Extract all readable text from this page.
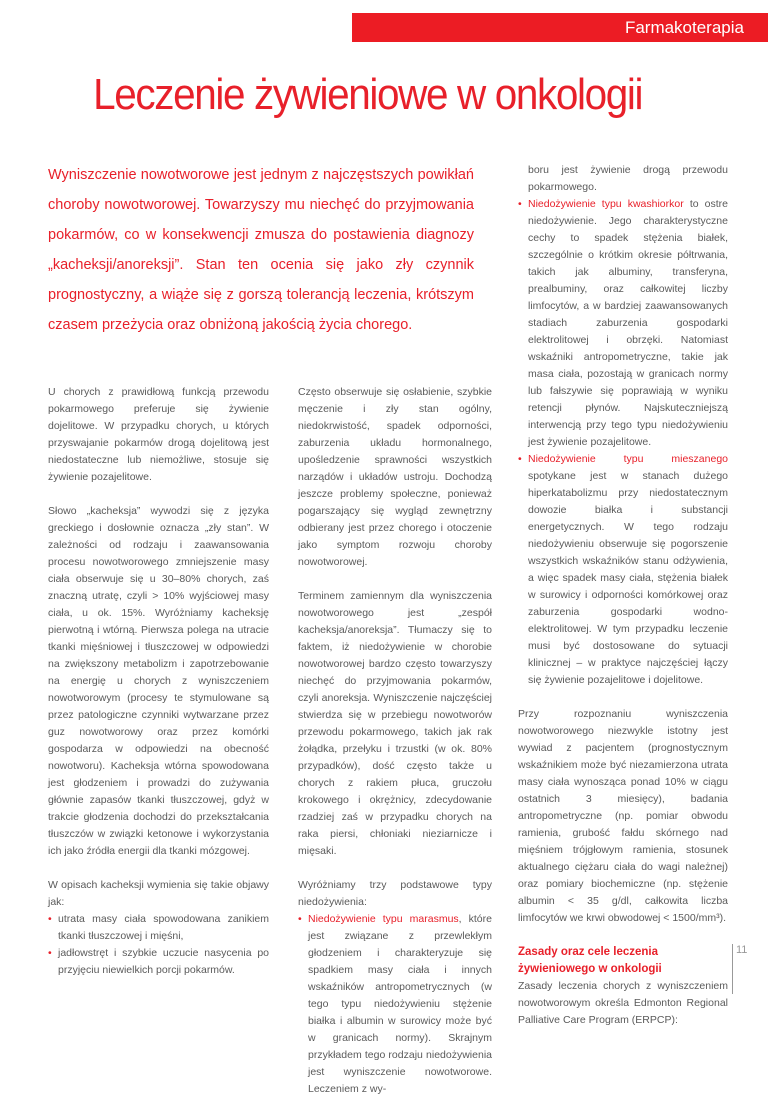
Farmakoterapia
Leczenie żywieniowe w onkologii

Wyniszczenie nowotworowe jest jednym z najczęstszych powikłań choroby nowotworowej. Towarzyszy mu niechęć do przyjmowania pokarmów, co w konsekwencji zmusza do postawienia diagnozy „kacheksji/anoreksji”. Stan ten ocenia się jako zły czynnik prognostyczny, a wiąże się z gorszą tolerancją leczenia, krótszym czasem przeżycia oraz obniżoną jakością życia chorego.

U chorych z prawidłową funkcją przewodu pokarmowego preferuje się żywienie dojelitowe. W przypadku chorych, u których przyswajanie pokarmów drogą dojelitową jest niedostateczne lub niemożliwe, stosuje się żywienie pozajelitowe.

Słowo „kacheksja” wywodzi się z języka greckiego i dosłownie oznacza „zły stan”. W zależności od rodzaju i zaawansowania procesu nowotworowego zmniejszenie masy ciała obserwuje się u 30–80% chorych, zaś znaczną utratę, czyli > 10% wyjściowej masy ciała, u ok. 15%. Wyróżniamy kacheksję pierwotną i wtórną. Pierwsza polega na utracie tkanki mięśniowej i tłuszczowej w odpowiedzi na zwiększony metabolizm i zapotrzebowanie na energię u chorych z wyniszczeniem nowotworowym (procesy te stymulowane są przez patologiczne czynniki wytwarzane przez guz nowotworowy oraz przez komórki gospodarza w odpowiedzi na obecność nowotworu). Kacheksja wtórna spowodowana jest głodzeniem i prowadzi do zużywania głównie zapasów tkanki tłuszczowej, gdyż w trakcie głodzenia dochodzi do przekształcania tłuszczów w związki ketonowe i wykorzystania ich jako źródła energii dla tkanki mózgowej.

W opisach kacheksji wymienia się takie objawy jak:

• utrata masy ciała spowodowana zanikiem tkanki tłuszczowej i mięśni,
• jadłowstręt i szybkie uczucie nasycenia po przyjęciu niewielkich porcji pokarmów.

Często obserwuje się osłabienie, szybkie męczenie i zły stan ogólny, niedokrwistość, spadek odporności, zaburzenia układu hormonalnego, upośledzenie sprawności wszystkich narządów i układów ustroju. Dochodzą jeszcze problemy społeczne, ponieważ pogarszający się wygląd zewnętrzny odbierany jest przez chorego i otoczenie jako symptom rozwoju choroby nowotworowej.

Terminem zamiennym dla wyniszczenia nowotworowego jest „zespół kacheksja/anoreksja”. Tłumaczy się to faktem, iż niedożywienie w chorobie nowotworowej bardzo często towarzyszy niechęć do przyjmowania pokarmów, czyli anoreksja. Wyniszczenie najczęściej stwierdza się w przebiegu nowotworów przewodu pokarmowego, takich jak rak żołądka, przełyku i trzustki (w ok. 80% przypadków), dość często także u chorych z rakiem płuca, gruczołu krokowego i okrężnicy, zdecydowanie rzadziej zaś w przypadku chorych na raka piersi, chłoniaki nieziarnicze i mięsaki.

Wyróżniamy trzy podstawowe typy niedożywienia:

• Niedożywienie typu marasmus, które jest związane z przewlekłym głodzeniem i charakteryzuje się spadkiem masy ciała i innych wskaźników antropometrycznych (w tego typu niedożywieniu stężenie białka i albumin w surowicy może być w granicach normy). Skrajnym przykładem tego rodzaju niedożywienia jest wyniszczenie nowotworowe. Leczeniem z wy-
boru jest żywienie drogą przewodu pokarmowego.
• Niedożywienie typu kwashiorkor to ostre niedożywienie. Jego charakterystyczne cechy to spadek stężenia białek, szczególnie o krótkim okresie półtrwania, takich jak albuminy, transferyna, prealbuminy, oraz całkowitej liczby limfocytów, a w bardziej zaawansowanych stadiach zaburzenia gospodarki elektrolitowej i obrzęki. Natomiast wskaźniki antropometryczne, takie jak masa ciała, pozostają w granicach normy lub fałszywie się poprawiają w wyniku retencji płynów. Najskuteczniejszą interwencją przy tego typu niedożywieniu jest żywienie pozajelitowe.
• Niedożywienie typu mieszanego spotykane jest w stanach dużego hiperkatabolizmu przy niedostatecznym dowozie białka i substancji energetycznych. W tego rodzaju niedożywieniu obserwuje się pogorszenie wszystkich wskaźników stanu odżywienia, a więc spadek masy ciała, stężenia białek w surowicy i odporności komórkowej oraz zaburzenia gospodarki wodno-elektrolitowej. W tym przypadku leczenie musi być dostosowane do sytuacji klinicznej – w praktyce najczęściej łączy się żywienie pozajelitowe i dojelitowe.

Przy rozpoznaniu wyniszczenia nowotworowego niezwykle istotny jest wywiad z pacjentem (prognostycznym wskaźnikiem może być niezamierzona utrata masy ciała wynosząca ponad 10% w ciągu ostatnich 3 miesięcy), badania antropometryczne (np. pomiar obwodu ramienia, grubość fałdu skórnego nad mięśniem trójgłowym ramienia, stosunek aktualnego ciężaru ciała do wagi należnej) oraz pomiary biochemiczne (np. stężenie albumin < 35 g/dl, całkowita liczba limfocytów we krwi obwodowej < 1500/mm³).

Zasady oraz cele leczenia żywieniowego w onkologii

Zasady leczenia chorych z wyniszczeniem nowotworowym określa Edmonton Regional Palliative Care Program (ERPCP):

11
